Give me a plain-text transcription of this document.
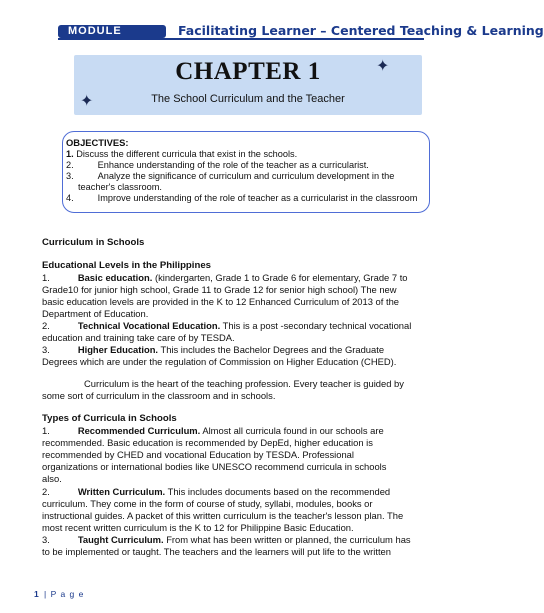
MODULE	Facilitating Learner – Centered Teaching & Learning
CHAPTER 1
The School Curriculum and the Teacher
✦
✦
OBJECTIVES:
1. Discuss the different curricula that exist in the schools.
2.	Enhance understanding of the role of the teacher as a curricularist.
3.	Analyze the significance of curriculum and curriculum development in the
teacher's classroom.
4.	Improve understanding of the role of teacher as a curricularist in the classroom
Curriculum in Schools
Educational Levels in the Philippines
1.	Basic education. (kindergarten, Grade 1 to Grade 6 for elementary, Grade 7 to
Grade10 for junior high school, Grade 11 to Grade 12 for senior high school) The new
basic education levels are provided in the K to 12 Enhanced Curriculum of 2013 of the
Department of Education.
2.	Technical Vocational Education. This is a post -secondary technical vocational
education and training take care of by TESDA.
3.	Higher Education. This includes the Bachelor Degrees and the Graduate
Degrees which are under the regulation of Commission on Higher Education (CHED).
Curriculum is the heart of the teaching profession. Every teacher is guided by
some sort of curriculum in the classroom and in schools.
Types of Curricula in Schools
1.	Recommended Curriculum. Almost all curricula found in our schools are
recommended. Basic education is recommended by DepEd, higher education is
recommended by CHED and vocational Education by TESDA. Professional
organizations or international bodies like UNESCO recommend curricula in schools
also.
2.	Written Curriculum. This includes documents based on the recommended
curriculum. They come in the form of course of study, syllabi, modules, books or
instructional guides. A packet of this written curriculum is the teacher's lesson plan. The
most recent written curriculum is the K to 12 for Philippine Basic Education.
3.	Taught Curriculum. From what has been written or planned, the curriculum has
to be implemented or taught. The teachers and the learners will put life to the written
1 | P a g e
